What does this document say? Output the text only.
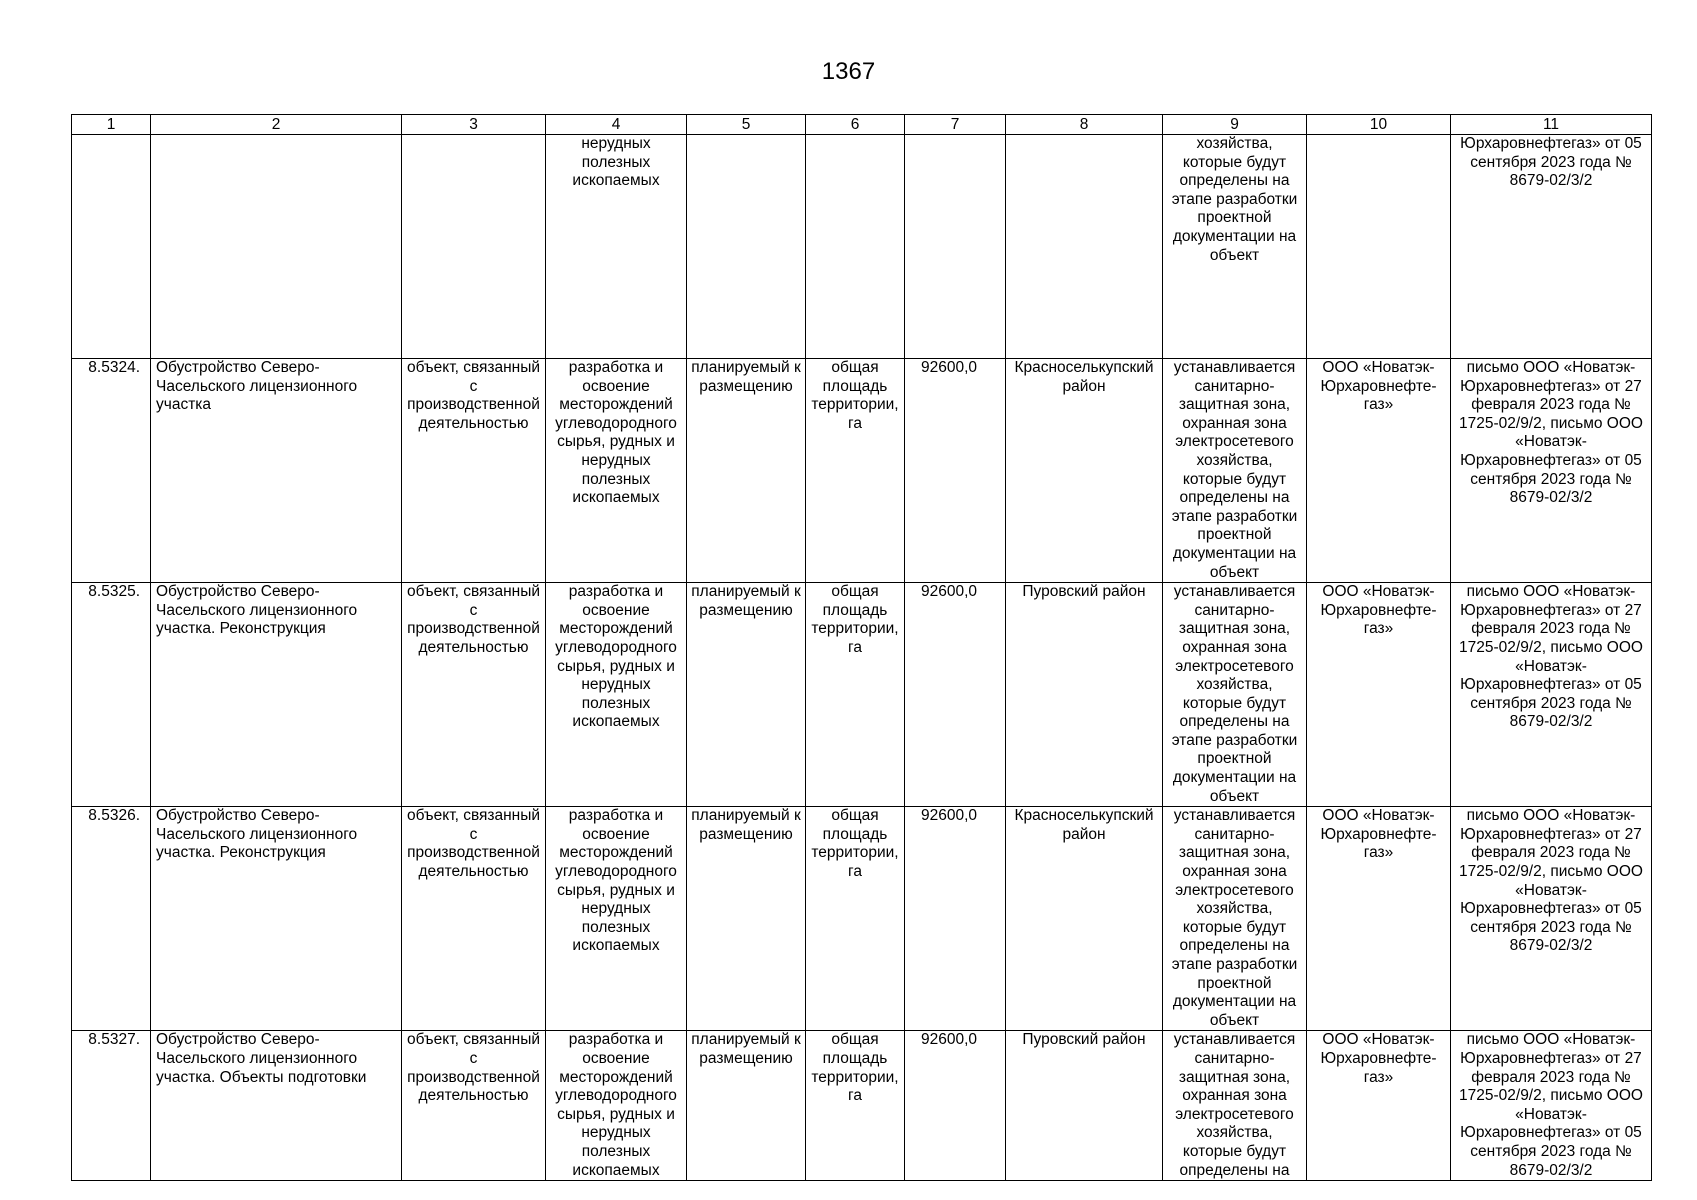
1367
1	2	3	4	5	6	7	8	9	10	11
			нерудных полезных ископаемых					хозяйства, которые будут определены на этапе разработки проектной документации на объект		Юрхаровнефтегаз» от 05 сентября 2023 года № 8679-02/3/2
8.5324.	Обустройство Северо-Часельского лицензионного участка	объект, связанный с производственной деятельностью	разработка и освоение месторождений углеводородного сырья, рудных и нерудных полезных ископаемых	планируемый к размещению	общая площадь территории, га	92600,0	Красноселькупский район	устанавливается санитарно-защитная зона, охранная зона электросетевого хозяйства, которые будут определены на этапе разработки проектной документации на объект	ООО «Новатэк-Юрхаровнефте-газ»	письмо ООО «Новатэк-Юрхаровнефтегаз» от 27 февраля 2023 года № 1725-02/9/2, письмо ООО «Новатэк-Юрхаровнефтегаз» от 05 сентября 2023 года № 8679-02/3/2
8.5325.	Обустройство Северо-Часельского лицензионного участка. Реконструкция	объект, связанный с производственной деятельностью	разработка и освоение месторождений углеводородного сырья, рудных и нерудных полезных ископаемых	планируемый к размещению	общая площадь территории, га	92600,0	Пуровский район	устанавливается санитарно-защитная зона, охранная зона электросетевого хозяйства, которые будут определены на этапе разработки проектной документации на объект	ООО «Новатэк-Юрхаровнефте-газ»	письмо ООО «Новатэк-Юрхаровнефтегаз» от 27 февраля 2023 года № 1725-02/9/2, письмо ООО «Новатэк-Юрхаровнефтегаз» от 05 сентября 2023 года № 8679-02/3/2
8.5326.	Обустройство Северо-Часельского лицензионного участка. Реконструкция	объект, связанный с производственной деятельностью	разработка и освоение месторождений углеводородного сырья, рудных и нерудных полезных ископаемых	планируемый к размещению	общая площадь территории, га	92600,0	Красноселькупский район	устанавливается санитарно-защитная зона, охранная зона электросетевого хозяйства, которые будут определены на этапе разработки проектной документации на объект	ООО «Новатэк-Юрхаровнефте-газ»	письмо ООО «Новатэк-Юрхаровнефтегаз» от 27 февраля 2023 года № 1725-02/9/2, письмо ООО «Новатэк-Юрхаровнефтегаз» от 05 сентября 2023 года № 8679-02/3/2
8.5327.	Обустройство Северо-Часельского лицензионного участка. Объекты подготовки	объект, связанный с производственной деятельностью	разработка и освоение месторождений углеводородного сырья, рудных и нерудных полезных ископаемых	планируемый к размещению	общая площадь территории, га	92600,0	Пуровский район	устанавливается санитарно-защитная зона, охранная зона электросетевого хозяйства, которые будут определены на	ООО «Новатэк-Юрхаровнефте-газ»	письмо ООО «Новатэк-Юрхаровнефтегаз» от 27 февраля 2023 года № 1725-02/9/2, письмо ООО «Новатэк-Юрхаровнефтегаз» от 05 сентября 2023 года № 8679-02/3/2
